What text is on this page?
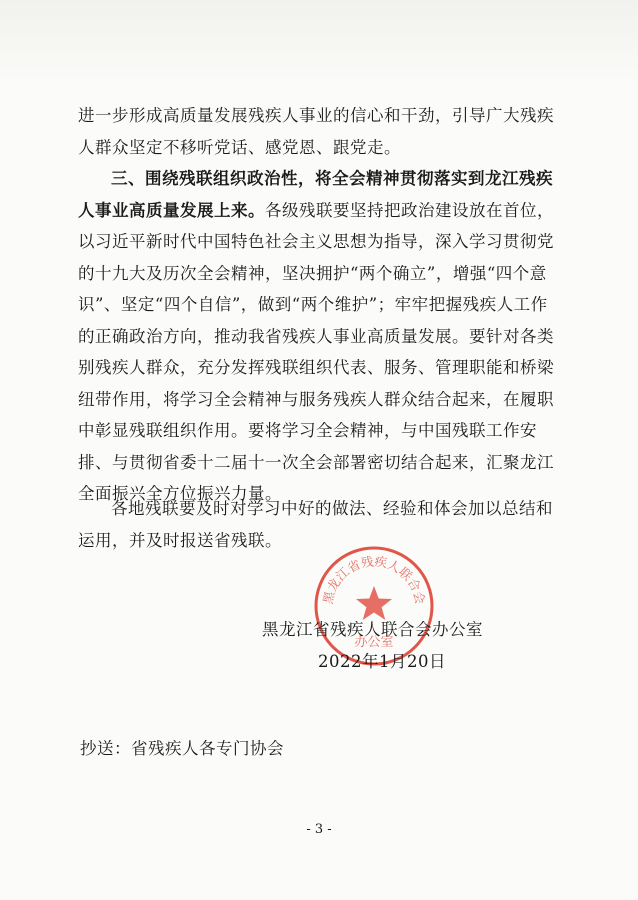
进一步形成高质量发展残疾人事业的信心和干劲，引导广大残疾人群众坚定不移听党话、感党恩、跟党走。
三、围绕残联组织政治性，将全会精神贯彻落实到龙江残疾人事业高质量发展上来。各级残联要坚持把政治建设放在首位，以习近平新时代中国特色社会主义思想为指导，深入学习贯彻党的十九大及历次全会精神，坚决拥护“两个确立”，增强“四个意识”、坚定“四个自信”，做到“两个维护”；牢牢把握残疾人工作的正确政治方向，推动我省残疾人事业高质量发展。要针对各类别残疾人群众，充分发挥残联组织代表、服务、管理职能和桥梁纽带作用，将学习全会精神与服务残疾人群众结合起来，在履职中彰显残联组织作用。要将学习全会精神，与中国残联工作安排、与贯彻省委十二届十一次全会部署密切结合起来，汇聚龙江全面振兴全方位振兴力量。
各地残联要及时对学习中好的做法、经验和体会加以总结和运用，并及时报送省残联。
黑龙江省残疾人联合会
办公室
黑龙江省残疾人联合会办公室
2022年1月20日
抄送：省残疾人各专门协会
- 3 -
